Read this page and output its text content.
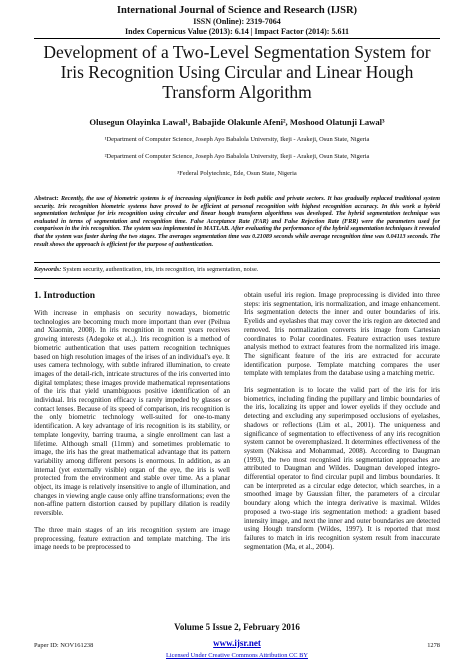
International Journal of Science and Research (IJSR)
ISSN (Online): 2319-7064
Index Copernicus Value (2013): 6.14 | Impact Factor (2014): 5.611
Development of a Two-Level Segmentation System for Iris Recognition Using Circular and Linear Hough Transform Algorithm
Olusegun Olayinka Lawal¹, Babajide Olakunle Afeni², Moshood Olatunji Lawal³
¹Department of Computer Science, Joseph Ayo Babalola University, Ikeji - Arakeji, Osun State, Nigeria
²Department of Computer Science, Joseph Ayo Babalola University, Ikeji - Arakeji, Osun State, Nigeria
³Federal Polytechnic, Ede, Osun State, Nigeria
Abstract: Recently, the use of biometric systems is of increasing significance in both public and private sectors. It has gradually replaced traditional system security. Iris recognition biometric systems have proved to be efficient at personal recognition with highest recognition accuracy. In this work a hybrid segmentation technique for iris recognition using circular and linear hough transform algorithms was developed. The hybrid segmentation technique was evaluated in terms of segmentation and recognition time. False Acceptance Rate (FAR) and False Rejection Rate (FRR) were the parameters used for comparison in the iris recognition. The system was implemented in MATLAB. After evaluating the performance of the hybrid segmentation techniques it revealed that the system was faster during the two stages. The averages segmentation time was 0.21089 seconds while average recognition time was 0.04113 seconds. The result shows the approach is efficient for the purpose of authentication.
Keywords: System security, authentication, iris, iris recognition, iris segmentation, noise.
1. Introduction

With increase in emphasis on security nowadays, biometric technologies are becoming much more important than ever (Peihua and Xiaomin, 2008). In iris recognition in recent years receives growing interests (Adegoke et al.,). Iris recognition is a method of biometric authentication that uses pattern recognition techniques based on high resolution images of the irises of an individual's eye. It uses camera technology, with subtle infrared illumination, to create images of the detail-rich, intricate structures of the iris converted into digital templates; these images provide mathematical representations of the iris that yield unambiguous positive identification of an individual. Iris recognition efficacy is rarely impeded by glasses or contact lenses. Because of its speed of comparison, iris recognition is the only biometric technology well-suited for one-to-many identification. A key advantage of iris recognition is its stability, or template longevity, barring trauma, a single enrollment can last a lifetime. Although small (11mm) and sometimes problematic to image, the iris has the great mathematical advantage that its pattern variability among different persons is enormous. In addition, as an internal (yet externally visible) organ of the eye, the iris is well protected from the environment and stable over time. As a planar object, its image is relatively insensitive to angle of illumination, and changes in viewing angle cause only affine transformations; even the non-affine pattern distortion caused by pupillary dilation is readily reversible.

The three main stages of an iris recognition system are image preprocessing, feature extraction and template matching. The iris image needs to be preprocessed to

obtain useful iris region. Image preprocessing is divided into three steps: iris segmentation, iris normalization, and image enhancement. Iris segmentation detects the inner and outer boundaries of iris. Eyelids and eyelashes that may cover the iris region are detected and removed. Iris normalization converts iris image from Cartesian coordinates to Polar coordinates. Feature extraction uses texture analysis method to extract features from the normalized iris image. The significant feature of the iris are extracted for accurate identification purpose. Template matching compares the user template with templates from the database using a matching metric.

Iris segmentation is to locate the valid part of the iris for iris biometrics, including finding the pupillary and limbic boundaries of the iris, localizing its upper and lower eyelids if they occlude and detecting and excluding any superimposed occlusions of eyelashes, shadows or reflections (Lim et al., 2001). The uniqueness and significance of segmentation to effectiveness of any iris recognition system cannot be overemphasized. It determines effectiveness of the system (Nakissa and Mohammad, 2008). According to Daugman (1993), the two most recognised iris segmentation approaches are attributed to Daugman and Wildes. Daugman developed integro-differential operator to find circular pupil and limbus boundaries. It can be interpreted as a circular edge detector, which searches, in a smoothed image by Gaussian filter, the parameters of a circular boundary along which the integra derivative is maximal. Wildes proposed a two-stage iris segmentation method: a gradient based intensity image, and next the inner and outer boundaries are detected using Hough transform (Wildes, 1997). It is reported that most failures to match in iris recognition system result from inaccurate segmentation (Ma, et al., 2004).

Volume 5 Issue 2, February 2016
Paper ID: NOV161238	www.ijsr.net	1278
Licensed Under Creative Commons Attribution CC BY
